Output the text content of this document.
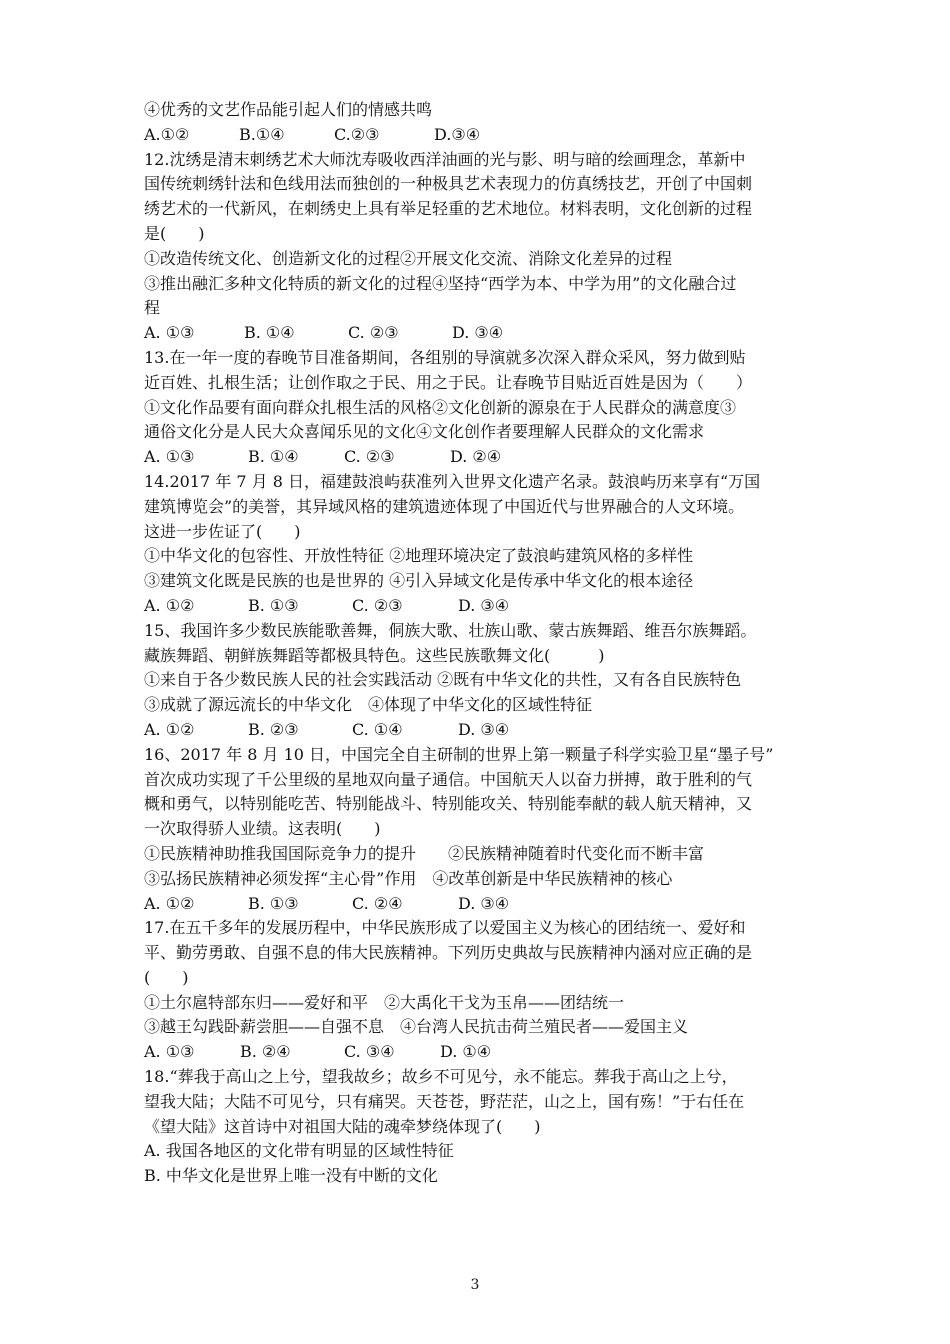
④优秀的文艺作品能引起人们的情感共鸣
A.①②	B.①④	C.②③	D.③④
12.沈绣是清末刺绣艺术大师沈寿吸收西洋油画的光与影、明与暗的绘画理念，革新中
国传统刺绣针法和色线用法而独创的一种极具艺术表现力的仿真绣技艺，开创了中国刺
绣艺术的一代新风，在刺绣史上具有举足轻重的艺术地位。材料表明，文化创新的过程
是(　　)
①改造传统文化、创造新文化的过程②开展文化交流、消除文化差异的过程
③推出融汇多种文化特质的新文化的过程④坚持“西学为本、中学为用”的文化融合过
程
A. ①③	B. ①④	C. ②③	D. ③④
13.在一年一度的春晚节目准备期间，各组别的导演就多次深入群众采风，努力做到贴
近百姓、扎根生活；让创作取之于民、用之于民。让春晚节目贴近百姓是因为（　　）
①文化作品要有面向群众扎根生活的风格②文化创新的源泉在于人民群众的满意度③
通俗文化分是人民大众喜闻乐见的文化④文化创作者要理解人民群众的文化需求
A. ①③	B. ①④	C. ②③	D. ②④
14.2017 年 7 月 8 日，福建鼓浪屿获准列入世界文化遗产名录。鼓浪屿历来享有“万国
建筑博览会”的美誉，其异域风格的建筑遗迹体现了中国近代与世界融合的人文环境。
这进一步佐证了(　　)
①中华文化的包容性、开放性特征 ②地理环境决定了鼓浪屿建筑风格的多样性
③建筑文化既是民族的也是世界的 ④引入异域文化是传承中华文化的根本途径
A. ①②	B. ①③	C. ②③	D. ③④
15、我国许多少数民族能歌善舞，侗族大歌、壮族山歌、蒙古族舞蹈、维吾尔族舞蹈。
藏族舞蹈、朝鲜族舞蹈等都极具特色。这些民族歌舞文化(　　　)
①来自于各少数民族人民的社会实践活动 ②既有中华文化的共性，又有各自民族特色
③成就了源远流长的中华文化　④体现了中华文化的区域性特征
A. ①②	B. ②③	C. ①④	D. ③④
16、2017 年 8 月 10 日，中国完全自主研制的世界上第一颗量子科学实验卫星“墨子号”
首次成功实现了千公里级的星地双向量子通信。中国航天人以奋力拼搏，敢于胜利的气
概和勇气，以特别能吃苦、特别能战斗、特别能攻关、特别能奉献的载人航天精神，又
一次取得骄人业绩。这表明(　　)
①民族精神助推我国国际竞争力的提升　　②民族精神随着时代变化而不断丰富
③弘扬民族精神必须发挥“主心骨”作用　④改革创新是中华民族精神的核心
A. ①②	B. ①③	C. ②④	D. ③④
17.在五千多年的发展历程中，中华民族形成了以爱国主义为核心的团结统一、爱好和
平、勤劳勇敢、自强不息的伟大民族精神。下列历史典故与民族精神内涵对应正确的是
(　　)
①土尔扈特部东归——爱好和平　②大禹化干戈为玉帛——团结统一
③越王勾践卧薪尝胆——自强不息　④台湾人民抗击荷兰殖民者——爱国主义
A. ①③	B. ②④	C. ③④	D. ①④
18.“葬我于高山之上兮，望我故乡；故乡不可见兮，永不能忘。葬我于高山之上兮，
望我大陆；大陆不可见兮，只有痛哭。天苍苍，野茫茫，山之上，国有殇！”于右任在
《望大陆》这首诗中对祖国大陆的魂牵梦绕体现了(　　)
A. 我国各地区的文化带有明显的区域性特征
B. 中华文化是世界上唯一没有中断的文化
3
